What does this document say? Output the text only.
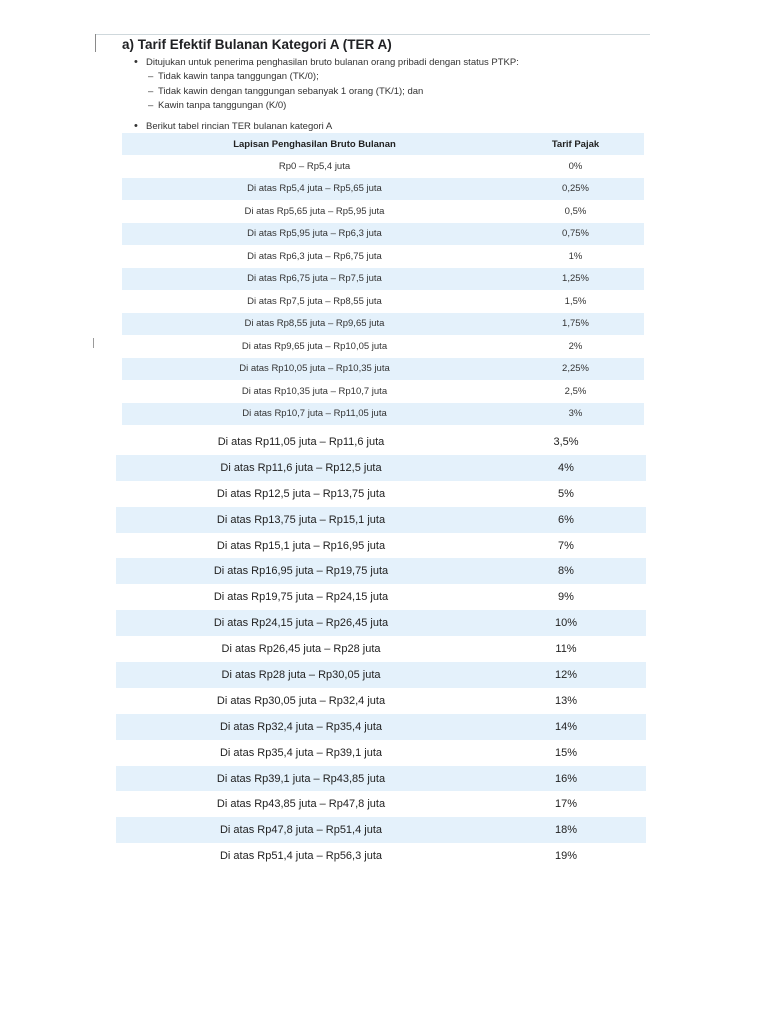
a) Tarif Efektif Bulanan Kategori A (TER A)
• Ditujukan untuk penerima penghasilan bruto bulanan orang pribadi dengan status PTKP:
– Tidak kawin tanpa tanggungan (TK/0);
– Tidak kawin dengan tanggungan sebanyak 1 orang (TK/1); dan
– Kawin tanpa tanggungan (K/0)
• Berikut tabel rincian TER bulanan kategori A
Lapisan Penghasilan Bruto Bulanan	Tarif Pajak
Rp0 – Rp5,4 juta	0%
Di atas Rp5,4 juta – Rp5,65 juta	0,25%
Di atas Rp5,65 juta – Rp5,95 juta	0,5%
Di atas Rp5,95 juta – Rp6,3 juta	0,75%
Di atas Rp6,3 juta – Rp6,75 juta	1%
Di atas Rp6,75 juta – Rp7,5 juta	1,25%
Di atas Rp7,5 juta – Rp8,55 juta	1,5%
Di atas Rp8,55 juta – Rp9,65 juta	1,75%
Di atas Rp9,65 juta – Rp10,05 juta	2%
Di atas Rp10,05 juta – Rp10,35 juta	2,25%
Di atas Rp10,35 juta – Rp10,7 juta	2,5%
Di atas Rp10,7 juta – Rp11,05 juta	3%
Di atas Rp11,05 juta – Rp11,6 juta	3,5%
Di atas Rp11,6 juta – Rp12,5 juta	4%
Di atas Rp12,5 juta – Rp13,75 juta	5%
Di atas Rp13,75 juta – Rp15,1 juta	6%
Di atas Rp15,1 juta – Rp16,95 juta	7%
Di atas Rp16,95 juta – Rp19,75 juta	8%
Di atas Rp19,75 juta – Rp24,15 juta	9%
Di atas Rp24,15 juta – Rp26,45 juta	10%
Di atas Rp26,45 juta – Rp28 juta	11%
Di atas Rp28 juta – Rp30,05 juta	12%
Di atas Rp30,05 juta – Rp32,4 juta	13%
Di atas Rp32,4 juta – Rp35,4 juta	14%
Di atas Rp35,4 juta – Rp39,1 juta	15%
Di atas Rp39,1 juta – Rp43,85 juta	16%
Di atas Rp43,85 juta – Rp47,8 juta	17%
Di atas Rp47,8 juta – Rp51,4 juta	18%
Di atas Rp51,4 juta – Rp56,3 juta	19%
